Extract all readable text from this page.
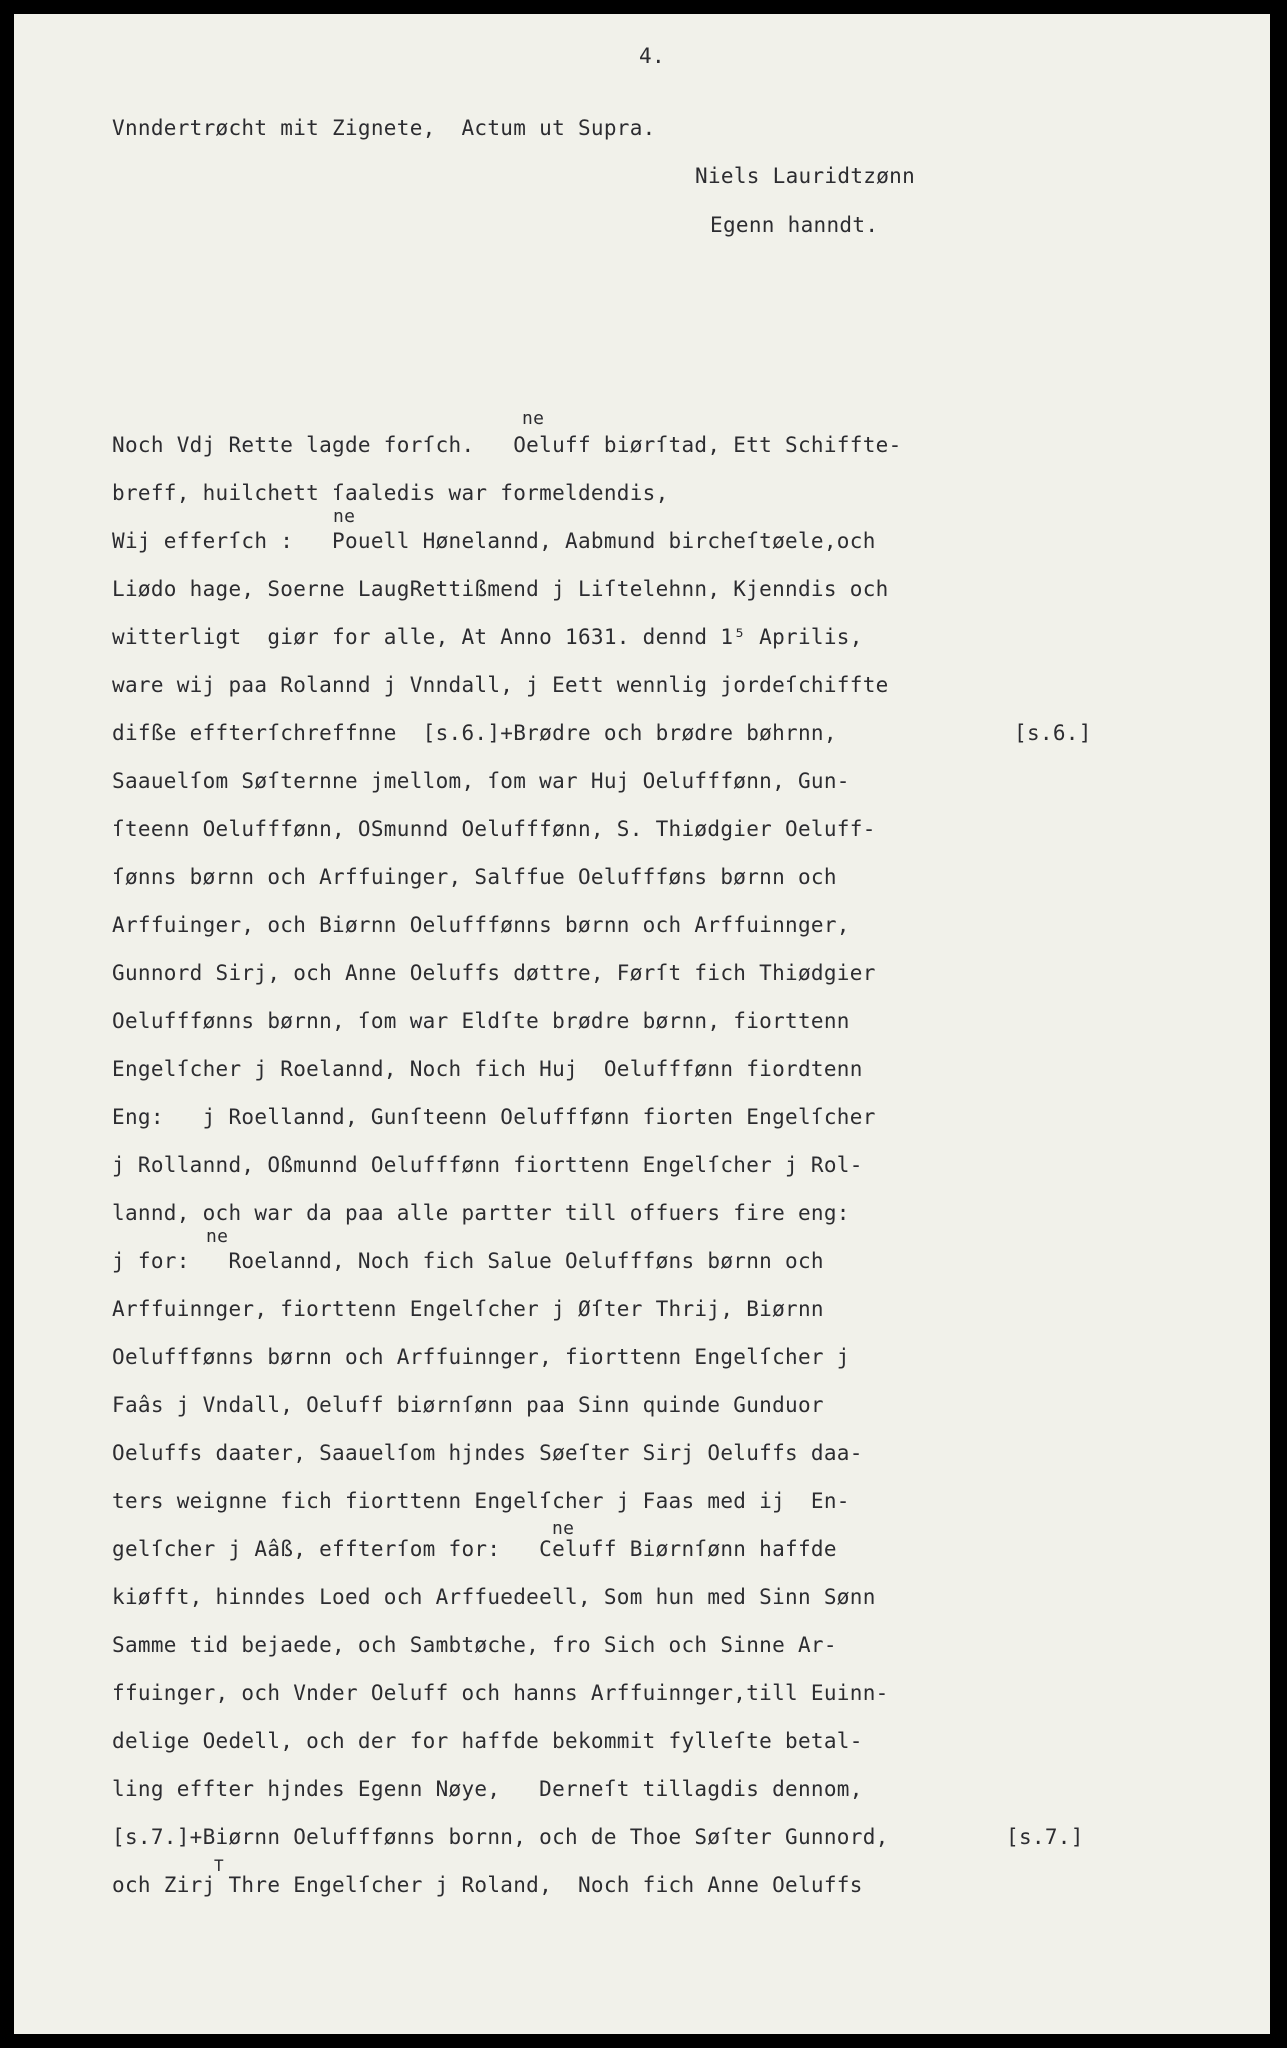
4.
Vnndertrøcht mit Zignete,  Actum ut Supra.
Niels Lauridtzønn
Egenn hanndt.
ne
ne
ne
ne
Noch Vdj Rette lagde forſch.   Oeluff biørſtad, Ett Schiffte-
breff, huilchett ſaaledis war formeldendis,
Wij efferſch :   Pouell Hønelannd, Aabmund bircheſtøele,och
Liødo hage, Soerne LaugRettißmend j Liſtelehnn, Kjenndis och
witterligt  giør for alle, At Anno 1631. dennd 1⁵ Aprilis,
ware wij paa Rolannd j Vnndall, j Eett wennlig jordeſchiffte
difße effterſchreffnne  [s.6.]+Brødre och brødre bøhrnn,
Saauelſom Søſternne jmellom, ſom war Huj Oelufffønn, Gun-
ſteenn Oelufffønn, OSmunnd Oelufffønn, S. Thiødgier Oeluff-
ſønns børnn och Arffuinger, Salffue Oeluffføns børnn och
Arffuinger, och Biørnn Oelufffønns børnn och Arffuinnger,
Gunnord Sirj, och Anne Oeluffs døttre, Førſt fich Thiødgier
Oelufffønns børnn, ſom war Eldſte brødre børnn, fiorttenn
Engelſcher j Roelannd, Noch fich Huj  Oelufffønn fiordtenn
Eng:   j Roellannd, Gunſteenn Oelufffønn fiorten Engelſcher
j Rollannd, Oßmunnd Oelufffønn fiorttenn Engelſcher j Rol-
lannd, och war da paa alle partter till offuers fire eng:
j for:   Roelannd, Noch fich Salue Oeluffføns børnn och
Arffuinnger, fiorttenn Engelſcher j Øſter Thrij, Biørnn
Oelufffønns børnn och Arffuinnger, fiorttenn Engelſcher j
Faâs j Vndall, Oeluff biørnſønn paa Sinn quinde Gunduor
Oeluffs daater, Saauelſom hjndes Søeſter Sirj Oeluffs daa-
ters weignne fich fiorttenn Engelſcher j Faas med ij  En-
gelſcher j Aâß, effterſom for:   Celuff Biørnſønn haffde
kiøfft, hinndes Loed och Arffuedeell, Som hun med Sinn Sønn
Samme tid bejaede, och Sambtøche, fro Sich och Sinne Ar-
ffuinger, och Vnder Oeluff och hanns Arffuinnger,till Euinn-
delige Oedell, och der for haffde bekommit fylleſte betal-
ling effter hjndes Egenn Nøye,   Derneſt tillagdis dennom,
[s.7.]+Biørnn Oelufffønns bornn, och de Thoe Søſter Gunnord,
och Zirj Thre Engelſcher j Roland,  Noch fich Anne Oeluffs
[s.6.]
[s.7.]
T
